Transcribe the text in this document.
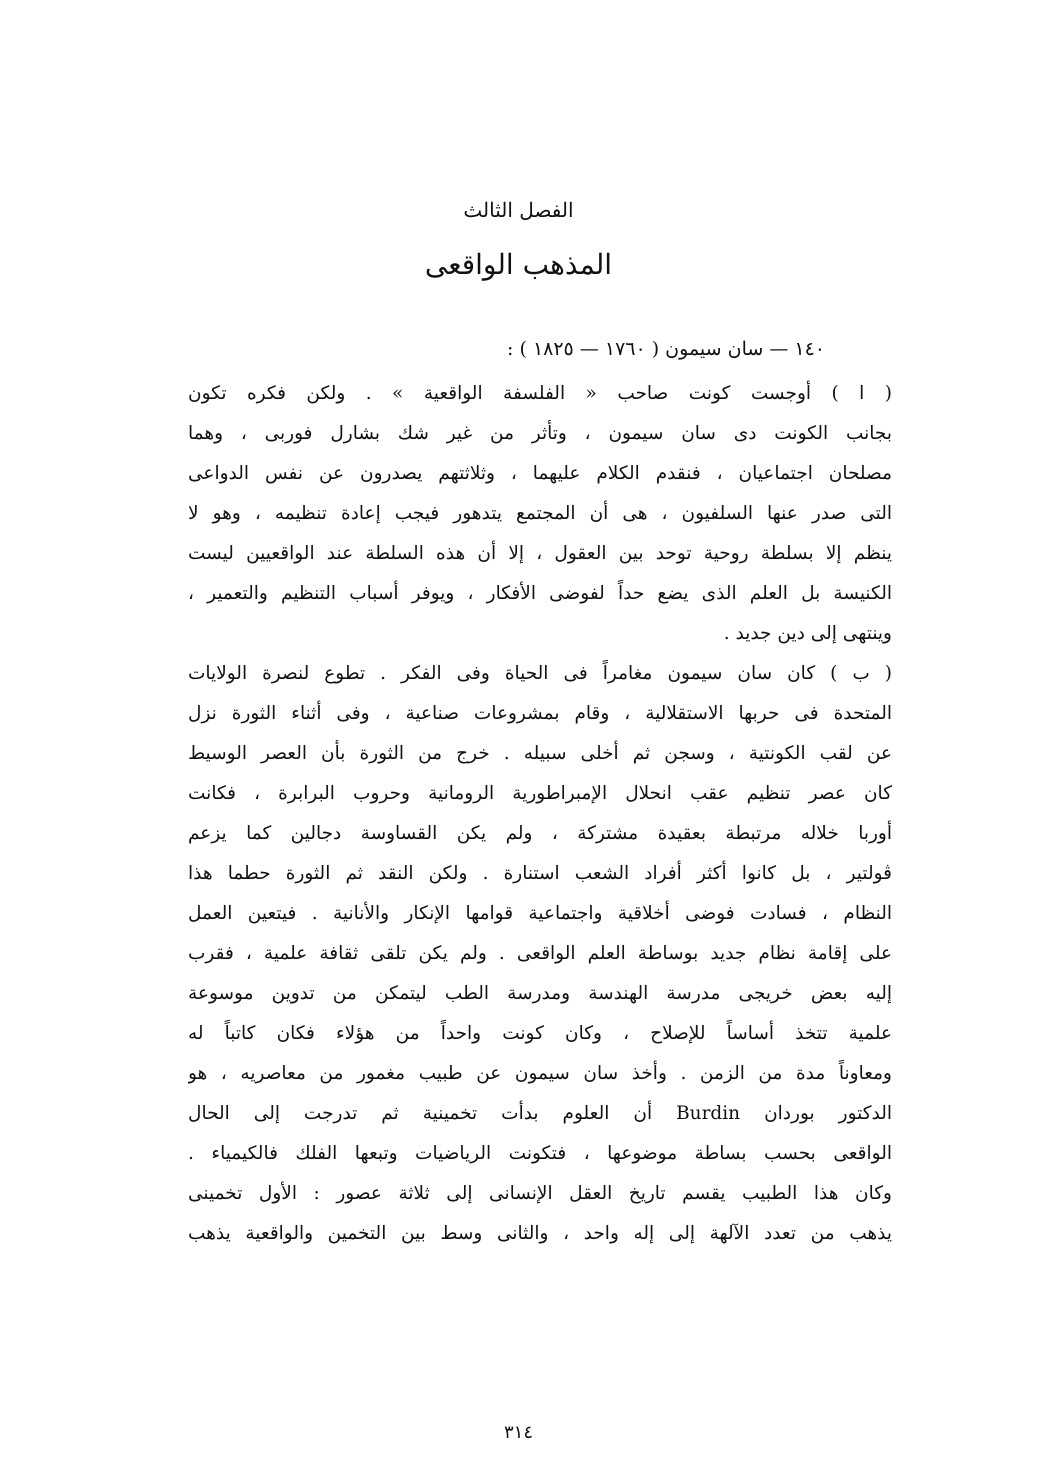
الفصل الثالث
المذهب الواقعى
١٤٠ — سان سيمون ( ١٧٦٠ — ١٨٢٥ ) :
( ا ) أوجست كونت صاحب « الفلسفة الواقعية » . ولكن فكره تكون
بجانب الكونت دى سان سيمون ، وتأثر من غير شك بشارل فوربى ، وهما
مصلحان اجتماعيان ، فنقدم الكلام عليهما ، وثلاثتهم يصدرون عن نفس الدواعى
التى صدر عنها السلفيون ، هى أن المجتمع يتدهور فيجب إعادة تنظيمه ، وهو لا
ينظم إلا بسلطة روحية توحد بين العقول ، إلا أن هذه السلطة عند الواقعيين ليست
الكنيسة بل العلم الذى يضع حداً لفوضى الأفكار ، ويوفر أسباب التنظيم والتعمير ،
وينتهى إلى دين جديد .
( ب ) كان سان سيمون مغامراً فى الحياة وفى الفكر . تطوع لنصرة الولايات
المتحدة فى حربها الاستقلالية ، وقام بمشروعات صناعية ، وفى أثناء الثورة نزل
عن لقب الكونتية ، وسجن ثم أخلى سبيله . خرج من الثورة بأن العصر الوسيط
كان عصر تنظيم عقب انحلال الإمبراطورية الرومانية وحروب البرابرة ، فكانت
أوربا خلاله مرتبطة بعقيدة مشتركة ، ولم يكن القساوسة دجالين كما يزعم
ڤولتير ، بل كانوا أكثر أفراد الشعب استنارة . ولكن النقد ثم الثورة حطما هذا
النظام ، فسادت فوضى أخلاقية واجتماعية قوامها الإنكار والأنانية . فيتعين العمل
على إقامة نظام جديد بوساطة العلم الواقعى . ولم يكن تلقى ثقافة علمية ، فقرب
إليه بعض خريجى مدرسة الهندسة ومدرسة الطب ليتمكن من تدوين موسوعة
علمية تتخذ أساساً للإصلاح ، وكان كونت واحداً من هؤلاء فكان كاتباً له
ومعاوناً مدة من الزمن . وأخذ سان سيمون عن طبيب مغمور من معاصريه ، هو
الدكتور بوردان Burdin أن العلوم بدأت تخمينية ثم تدرجت إلى الحال
الواقعى بحسب بساطة موضوعها ، فتكونت الرياضيات وتبعها الفلك فالكيمياء .
وكان هذا الطبيب يقسم تاريخ العقل الإنسانى إلى ثلاثة عصور : الأول تخمينى
يذهب من تعدد الآلهة إلى إله واحد ، والثانى وسط بين التخمين والواقعية يذهب
٣١٤
